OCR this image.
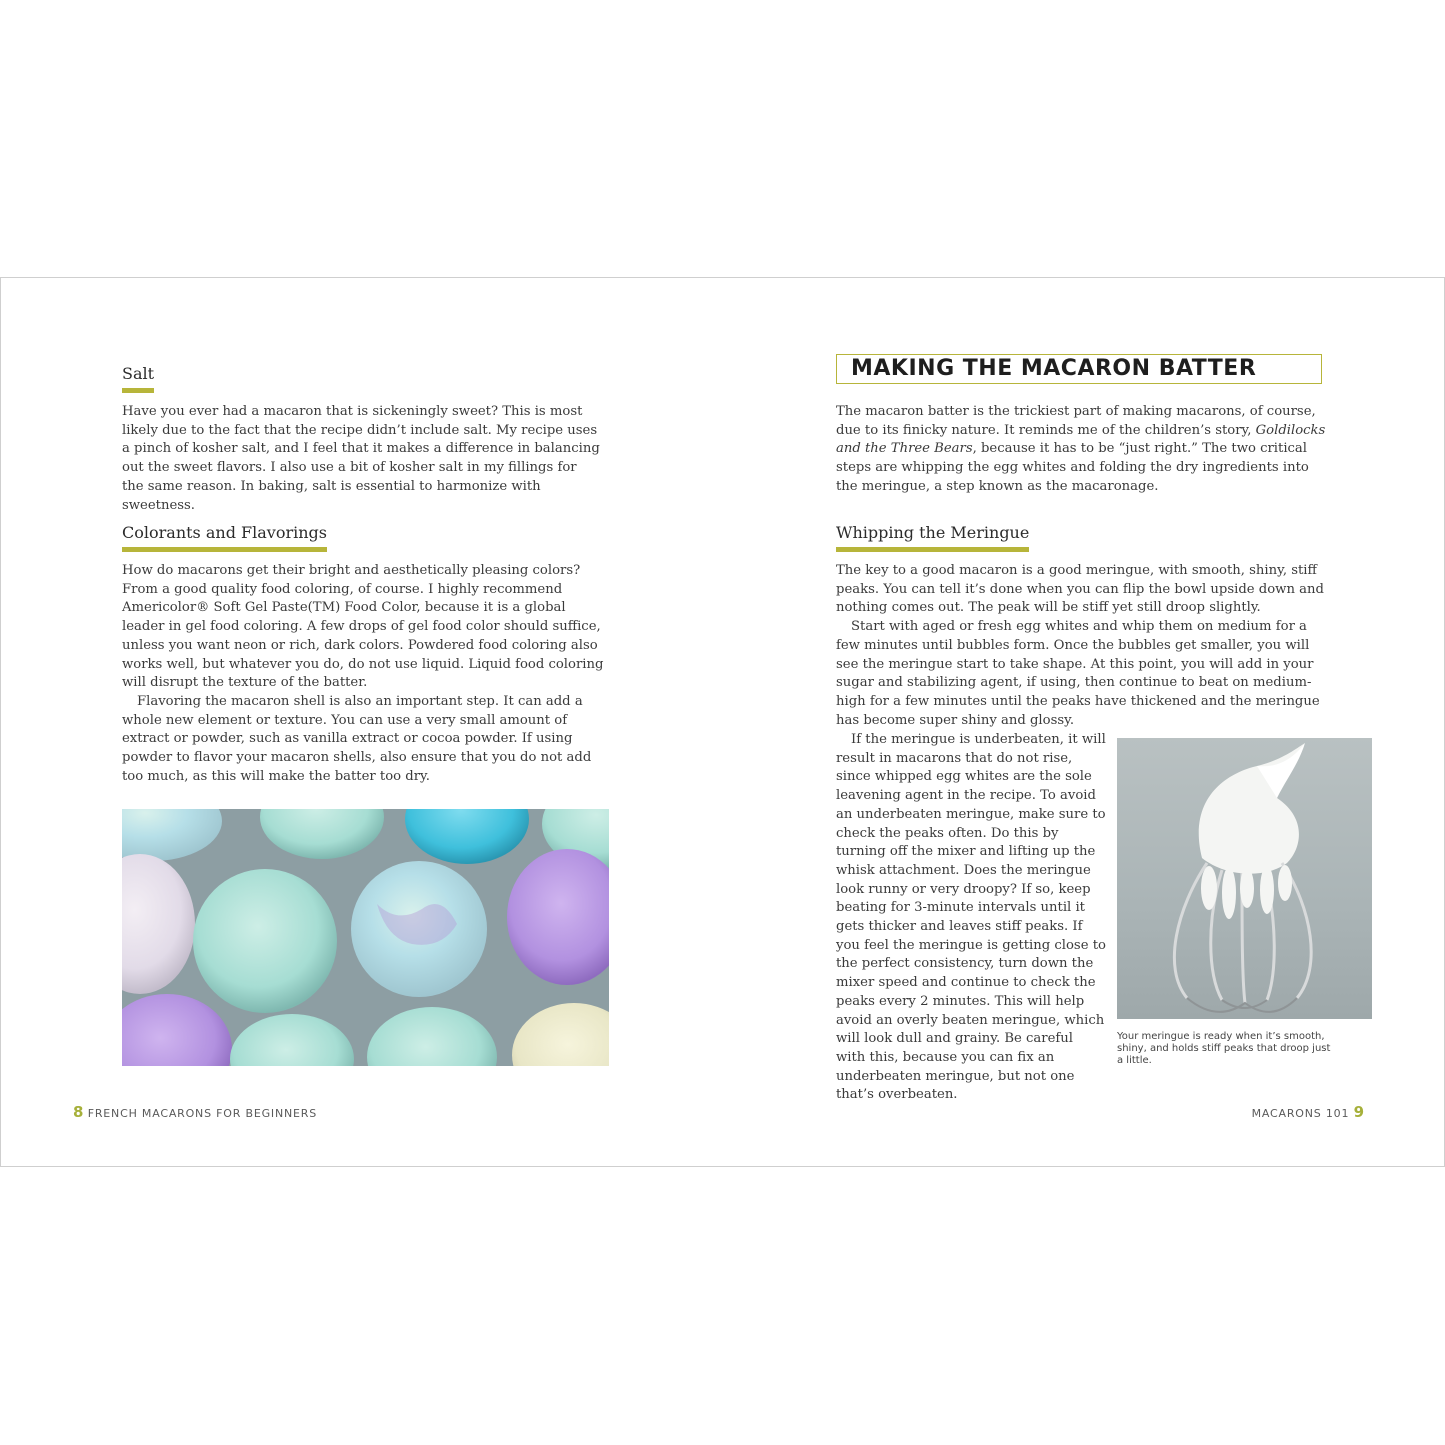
Salt

Have you ever had a macaron that is sickeningly sweet? This is most likely due to the fact that the recipe didn’t include salt. My recipe uses a pinch of kosher salt, and I feel that it makes a difference in balancing out the sweet flavors. I also use a bit of kosher salt in my fillings for the same reason. In baking, salt is essential to harmonize with sweetness.

Colorants and Flavorings

How do macarons get their bright and aesthetically pleasing colors? From a good quality food coloring, of course. I highly recommend Americolor® Soft Gel Paste(TM) Food Color, because it is a global leader in gel food coloring. A few drops of gel food color should suffice, unless you want neon or rich, dark colors. Powdered food coloring also works well, but whatever you do, do not use liquid. Liquid food coloring will disrupt the texture of the batter.

Flavoring the macaron shell is also an important step. It can add a whole new element or texture. You can use a very small amount of extract or powder, such as vanilla extract or cocoa powder. If using powder to flavor your macaron shells, also ensure that you do not add too much, as this will make the batter too dry.

8 FRENCH MACARONS FOR BEGINNERS
MAKING THE MACARON BATTER

The macaron batter is the trickiest part of making macarons, of course, due to its finicky nature. It reminds me of the children’s story, Goldilocks and the Three Bears, because it has to be “just right.” The two critical steps are whipping the egg whites and folding the dry ingredients into the meringue, a step known as the macaronage.

Whipping the Meringue

The key to a good macaron is a good meringue, with smooth, shiny, stiff peaks. You can tell it’s done when you can flip the bowl upside down and nothing comes out. The peak will be stiff yet still droop slightly.

Start with aged or fresh egg whites and whip them on medium for a few minutes until bubbles form. Once the bubbles get smaller, you will see the meringue start to take shape. At this point, you will add in your sugar and stabilizing agent, if using, then continue to beat on medium-high for a few minutes until the peaks have thickened and the meringue has become super shiny and glossy.

If the meringue is underbeaten, it will result in macarons that do not rise, since whipped egg whites are the sole leavening agent in the recipe. To avoid an underbeaten meringue, make sure to check the peaks often. Do this by turning off the mixer and lifting up the whisk attachment. Does the meringue look runny or very droopy? If so, keep beating for 3-minute intervals until it gets thicker and leaves stiff peaks. If you feel the meringue is getting close to the perfect consistency, turn down the mixer speed and continue to check the peaks every 2 minutes. This will help avoid an overly beaten meringue, which will look dull and grainy. Be careful with this, because you can fix an underbeaten meringue, but not one that’s overbeaten.

Your meringue is ready when it’s smooth, shiny, and holds stiff peaks that droop just a little.
MACARONS 101 9
